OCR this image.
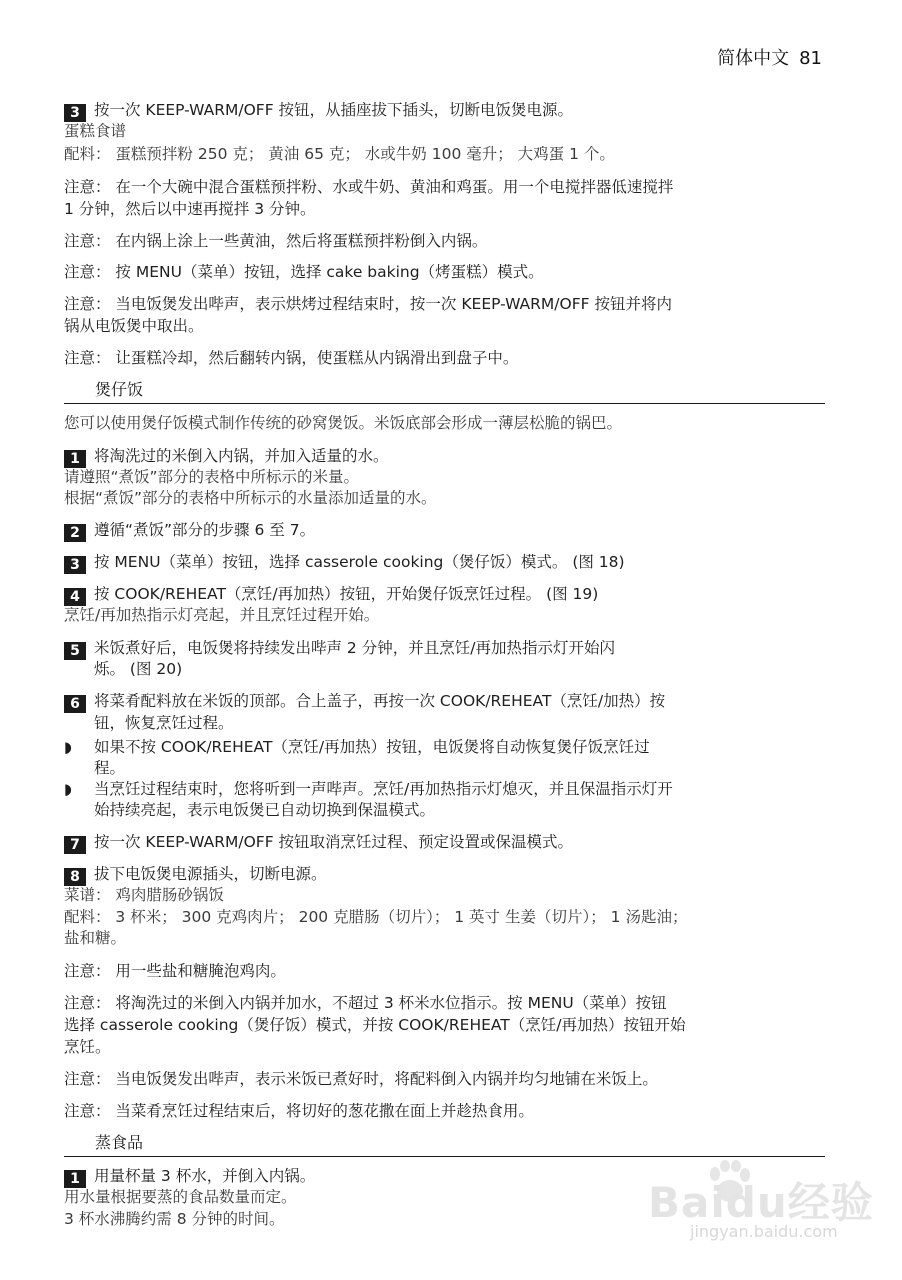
简体中文 81
3 按一次 KEEP-WARM/OFF 按钮，从插座拔下插头，切断电饭煲电源。
蛋糕食谱
配料： 蛋糕预拌粉 250 克； 黄油 65 克； 水或牛奶 100 毫升； 大鸡蛋 1 个。
注意： 在一个大碗中混合蛋糕预拌粉、水或牛奶、黄油和鸡蛋。用一个电搅拌器低速搅拌
1 分钟，然后以中速再搅拌 3 分钟。
注意： 在内锅上涂上一些黄油，然后将蛋糕预拌粉倒入内锅。
注意： 按 MENU（菜单）按钮，选择 cake baking（烤蛋糕）模式。
注意： 当电饭煲发出哔声，表示烘烤过程结束时，按一次 KEEP-WARM/OFF 按钮并将内
锅从电饭煲中取出。
注意： 让蛋糕冷却，然后翻转内锅，使蛋糕从内锅滑出到盘子中。
煲仔饭
您可以使用煲仔饭模式制作传统的砂窝煲饭。米饭底部会形成一薄层松脆的锅巴。
1 将淘洗过的米倒入内锅，并加入适量的水。
请遵照“煮饭”部分的表格中所标示的米量。
根据“煮饭”部分的表格中所标示的水量添加适量的水。
2 遵循“煮饭”部分的步骤 6 至 7。
3 按 MENU（菜单）按钮，选择 casserole cooking（煲仔饭）模式。 (图 18)
4 按 COOK/REHEAT（烹饪/再加热）按钮，开始煲仔饭烹饪过程。 (图 19)
烹饪/再加热指示灯亮起，并且烹饪过程开始。
5 米饭煮好后，电饭煲将持续发出哔声 2 分钟，并且烹饪/再加热指示灯开始闪
烁。 (图 20)
6 将菜肴配料放在米饭的顶部。合上盖子，再按一次 COOK/REHEAT（烹饪/加热）按
钮，恢复烹饪过程。
◗ 如果不按 COOK/REHEAT（烹饪/再加热）按钮，电饭煲将自动恢复煲仔饭烹饪过
程。
◗ 当烹饪过程结束时，您将听到一声哔声。烹饪/再加热指示灯熄灭，并且保温指示灯开
始持续亮起，表示电饭煲已自动切换到保温模式。
7 按一次 KEEP-WARM/OFF 按钮取消烹饪过程、预定设置或保温模式。
8 拔下电饭煲电源插头，切断电源。
菜谱： 鸡肉腊肠砂锅饭
配料： 3 杯米； 300 克鸡肉片； 200 克腊肠（切片）； 1 英寸 生姜（切片）； 1 汤匙油；
盐和糖。
注意： 用一些盐和糖腌泡鸡肉。
注意： 将淘洗过的米倒入内锅并加水，不超过 3 杯米水位指示。按 MENU（菜单）按钮
选择 casserole cooking（煲仔饭）模式，并按 COOK/REHEAT（烹饪/再加热）按钮开始
烹饪。
注意： 当电饭煲发出哔声，表示米饭已煮好时，将配料倒入内锅并均匀地铺在米饭上。
注意： 当菜肴烹饪过程结束后，将切好的葱花撒在面上并趁热食用。
蒸食品
1 用量杯量 3 杯水，并倒入内锅。
用水量根据要蒸的食品数量而定。
3 杯水沸腾约需 8 分钟的时间。	Baidu经验
jingyan.baidu.com
